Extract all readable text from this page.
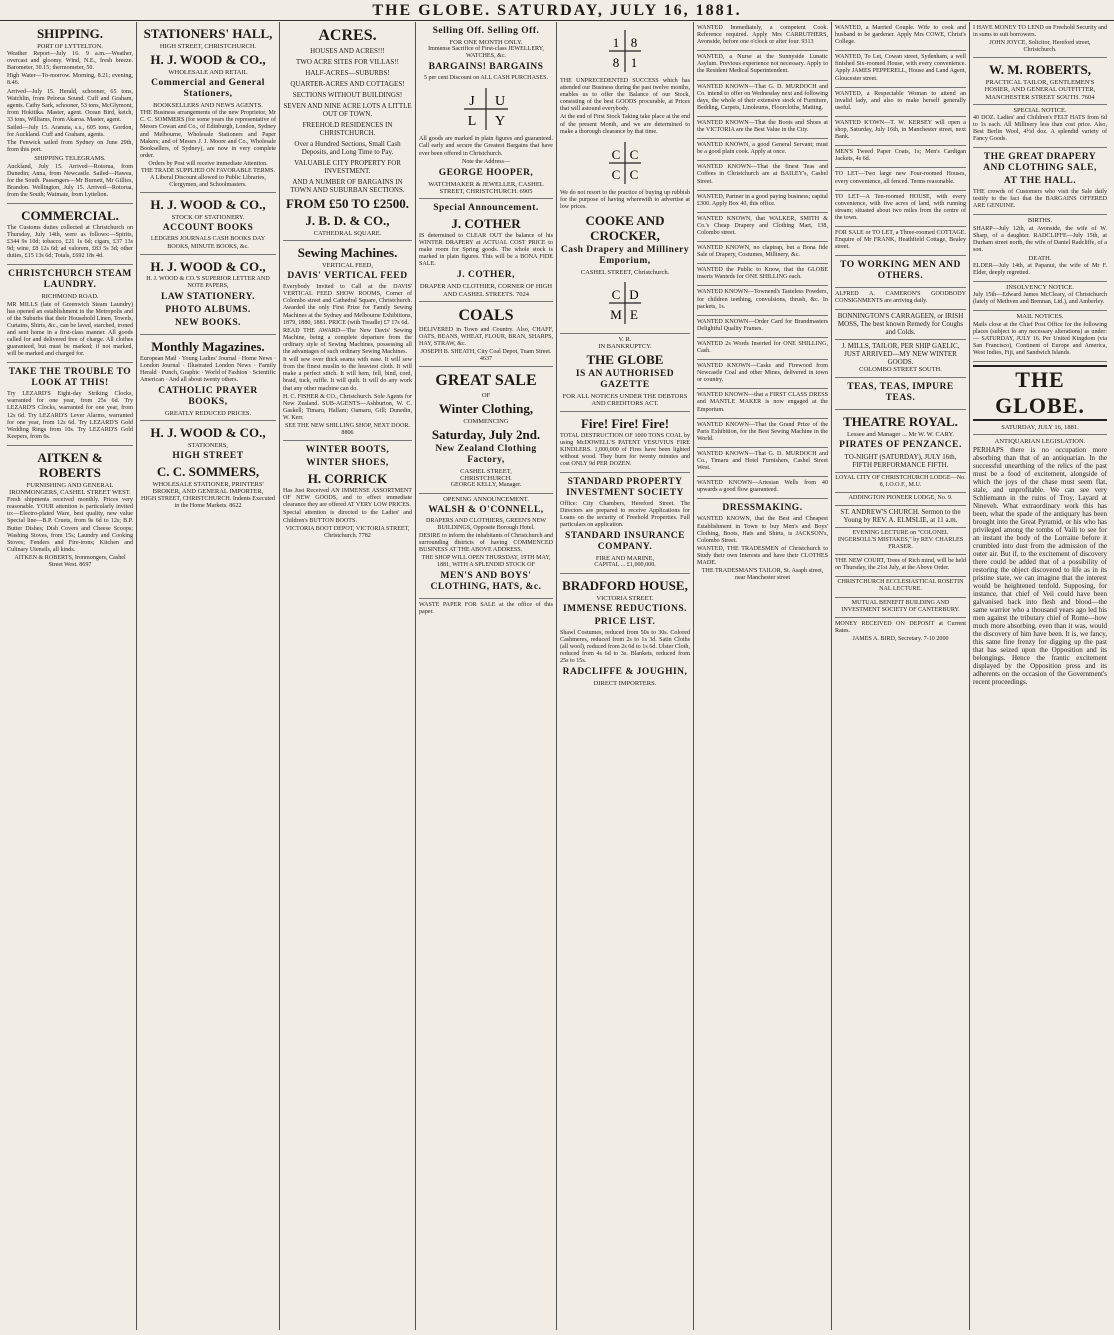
THE GLOBE. SATURDAY, JULY 16, 1881.
SHIPPING.
PORT OF LYTTELTON.
Weather Report—July 16. 9 a.m.—Weather, overcast and gloomy. Wind, N.E., fresh breeze. Barometer, 30.15; thermometer, 50.
High Water—To-morrow. Morning, 8.21; evening, 8.46.
Arrived—July 15. Herald, schooner, 65 tons, Watchlin, from Pelorus Sound. Cuff and Graham, agents. Cathy Sark, schooner, 53 tons, McGlymont, from Hokitika. Master, agent. Ocean Bird, ketch, 33 tons, Williams, from Akaroa. Master, agent.
Sailed—July 15. Aranuia, s.s., 605 tons, Gordon, for Auckland. Cuff and Graham, agents.
The Fenwick sailed from Sydney on June 29th, from this port.
SHIPPING TELEGRAMS.
Auckland, July 15. Arrived—Rotorua, from Dunedin; Anna, from Newcastle. Sailed—Hawea, for the South. Passengers—Mr Burnett, Mr Gillies, Brandon. Wellington, July 15. Arrived—Rotorua, from the South; Waimate, from Lyttelton.
COMMERCIAL.
The Customs duties collected at Christchurch on Thursday, July 14th, were as follows:—Spirits, £344 9s 10d; tobacco, £21 1s 6d; cigars, £37 13s 9d; wine, £8 12s 6d; ad valorem, £83 5s 3d; other duties, £15 13s 6d; Totals, £692 18s 4d.
CHRISTCHURCH STEAM LAUNDRY.
RICHMOND ROAD.
MR MILLS (late of Greenwich Steam Laundry) has opened an establishment in the Metropolis and of the Suburbs that their Household Linen, Towels, Curtains, Shirts, &c., can be laved, starched, ironed and sent home in a first-class manner. All goods called for and delivered free of charge. All clothes guaranteed, but must be marked; if not marked, will be marked and charged for.
TAKE THE TROUBLE TO LOOK AT THIS!
Try LEZARD'S Eight-day Striking Clocks, warranted for one year, from 25s 6d. Try LEZARD'S Clocks, warranted for one year, from 12s 6d. Try LEZARD'S Lever Alarms, warranted for one year, from 12s 6d. Try LEZARD'S Gold Wedding Rings from 10s. Try LEZARD'S Gold Keepers, from 6s.
AITKEN & ROBERTS
FURNISHING AND GENERAL IRONMONGERS, CASHEL STREET WEST.
Fresh shipments received monthly. Prices very reasonable. YOUR attention is particularly invited to:—Electro-plated Ware, best quality, new value Special line—B.P. Cruets, from 9s 6d to 12s; B.P. Butter Dishes; Dish Covers and Cheese Scoops; Washing Stoves, from 15s; Laundry and Cooking Stoves; Fenders and Fire-irons; Kitchen and Culinary Utensils, all kinds.
AITKEN & ROBERTS, Ironmongers, Cashel Street West. 8697
STATIONERS' HALL,
HIGH STREET, CHRISTCHURCH.
H. J. WOOD & CO.,
WHOLESALE AND RETAIL
Commercial and General Stationers,
BOOKSELLERS AND NEWS AGENTS.
THE Business arrangements of the new Proprietor, Mr C. C. SOMMERS (for some years the representative of Messrs Cowan and Co., of Edinburgh, London, Sydney and Melbourne, Wholesale Stationers and Paper Makers; and of Messrs J. J. Moore and Co., Wholesale Booksellers, of Sydney), are now in very complete order.
Orders by Post will receive immediate Attention.
THE TRADE SUPPLIED ON FAVORABLE TERMS.
A Liberal Discount allowed to Public Libraries, Clergymen, and Schoolmasters.
H. J. WOOD & CO.,
STOCK OF STATIONERY.
ACCOUNT BOOKS
LEDGERS JOURNALS CASH BOOKS DAY BOOKS, MINUTE BOOKS, &c.
H. J. WOOD & CO.,
H. J. WOOD & CO.'S SUPERIOR LETTER AND NOTE PAPERS,
LAW STATIONERY.
PHOTO ALBUMS.
NEW BOOKS.
Monthly Magazines.
European Mail · Young Ladies' Journal · Home News · London Journal · Illustrated London News · Family Herald · Punch, Graphic · World of Fashion · Scientific American · And all about twenty others.
CATHOLIC PRAYER BOOKS,
GREATLY REDUCED PRICES.
H. J. WOOD & CO.,
STATIONERS,
HIGH STREET
C. C. SOMMERS,
WHOLESALE STATIONER, PRINTERS' BROKER, AND GENERAL IMPORTER,
HIGH STREET, CHRISTCHURCH. Indents Executed in the Home Markets. 8622
ACRES.
HOUSES AND ACRES!!!
TWO ACRE SITES FOR VILLAS!!
HALF-ACRES—SUBURBS!
QUARTER-ACRES AND COTTAGES!
SECTIONS WITHOUT BUILDINGS!
SEVEN AND NINE ACRE LOTS A LITTLE OUT OF TOWN.
FREEHOLD RESIDENCES IN CHRISTCHURCH.
Over a Hundred Sections, Small Cash Deposits, and Long Time to Pay.
VALUABLE CITY PROPERTY FOR INVESTMENT.
AND A NUMBER OF BARGAINS IN TOWN AND SUBURBAN SECTIONS.
FROM £50 TO £2500.
J. B. D. & CO.,
CATHEDRAL SQUARE.
Sewing Machines.
VERTICAL FEED,
DAVIS' VERTICAL FEED
Everybody Invited to Call at the DAVIS' VERTICAL FEED SHOW ROOMS, Corner of Colombo street and Cathedral Square, Christchurch. Awarded the only First Prize for Family Sewing Machines at the Sydney and Melbourne Exhibitions, 1879, 1880, 1881. PRICE (with Treadle) £7 17s 6d.
READ THE AWARD—The New Davis' Sewing Machine, being a complete departure from the ordinary style of Sewing Machines, possessing all the advantages of such ordinary Sewing Machines.
It will sew over thick seams with ease. It will sew from the finest muslin to the heaviest cloth. It will make a perfect stitch. It will hem, fell, bind, cord, braid, tuck, ruffle. It will quilt. It will do any work that any other machine can do.
H. C. FISHER & CO., Christchurch. Sole Agents for New Zealand. SUB-AGENTS—Ashburton, W. C. Gaskell; Timaru, Hallam; Oamaru, Gill; Dunedin, W. Kerr.
SEE THE NEW SHILLING SHOP, NEXT DOOR. 8806
WINTER BOOTS,
WINTER SHOES,
H. CORRICK
Has Just Received AN IMMENSE ASSORTMENT OF NEW GOODS, and to effect immediate clearance they are offered AT VERY LOW PRICES.
Special attention is directed to the Ladies' and Children's BUTTON BOOTS.
VICTORIA BOOT DEPOT, VICTORIA STREET, Christchurch. 7782
Selling Off. Selling Off.
FOR ONE MONTH ONLY.
Immense Sacrifice of First-class JEWELLERY, WATCHES, &c.
BARGAINS! BARGAINS
5 per cent Discount on ALL CASH PURCHASES.
J U
L Y
All goods are marked in plain figures and guaranteed. Call early and secure the Greatest Bargains that have ever been offered in Christchurch.
Note the Address—
GEORGE HOOPER,
WATCHMAKER & JEWELLER, CASHEL STREET, CHRISTCHURCH. 6905
Special Announcement.
J. COTHER
IS determined to CLEAR OUT the balance of his WINTER DRAPERY at ACTUAL COST PRICE to make room for Spring goods. The whole stock is marked in plain figures. This will be a BONA FIDE SALE.
J. COTHER,
DRAPER AND CLOTHIER, CORNER OF HIGH AND CASHEL STREETS. 7024
COALS
DELIVERED in Town and Country. Also, CHAFF, OATS, BEANS, WHEAT, FLOUR, BRAN, SHARPS, HAY, STRAW, &c.
JOSEPH B. SHEATH, City Coal Depot, Tuam Street. 4637
GREAT SALE
OF
Winter Clothing,
COMMENCING
Saturday, July 2nd.
New Zealand Clothing Factory,
CASHEL STREET,
CHRISTCHURCH.
GEORGE KELLY, Manager.
OPENING ANNOUNCEMENT.
WALSH & O'CONNELL,
DRAPERS AND CLOTHIERS, GREEN'S NEW BUILDINGS, Opposite Borough Hotel.
DESIRE to inform the inhabitants of Christchurch and surrounding districts of having COMMENCED BUSINESS AT THE ABOVE ADDRESS.
THE SHOP WILL OPEN THURSDAY, 19TH MAY, 1881, WITH A SPLENDID STOCK OF
MEN'S AND BOYS' CLOTHING, HATS, &c.
WASTE PAPER FOR SALE at the office of this paper.
1 8
8 1
THE UNPRECEDENTED SUCCESS which has attended our Business during the past twelve months, enables us to offer the Balance of our Stock, consisting of the best GOODS procurable, at Prices that will astound everybody.
At the end of First Stock Taking take place at the end of the present Month, and we are determined to make a thorough clearance by that time.
C C
C C
We do not resort to the practice of buying up rubbish for the purpose of having wherewith to advertise at low prices.
COOKE AND CROCKER,
Cash Drapery and Millinery Emporium,
CASHEL STREET, Christchurch.
C D
M E
V. R.
IN BANKRUPTCY.
THE GLOBE
IS AN AUTHORISED GAZETTE
FOR ALL NOTICES UNDER THE DEBTORS AND CREDITORS ACT.
Fire! Fire! Fire!
TOTAL DESTRUCTION OF 1000 TONS COAL by using McDOWELL'S PATENT VESUVIUS FIRE KINDLERS. 1,000,000 of Fires have been lighted without wood. They burn for twenty minutes and cost ONLY 9d PER DOZEN.
STANDARD PROPERTY INVESTMENT SOCIETY
Office: City Chambers, Hereford Street. The Directors are prepared to receive Applications for Loans on the security of Freehold Properties. Full particulars on application.
STANDARD INSURANCE COMPANY.
FIRE AND MARINE,
CAPITAL ... £1,000,000.
BRADFORD HOUSE,
VICTORIA STREET.
IMMENSE REDUCTIONS.
PRICE LIST.
Shawl Costumes, reduced from 50s to 30s. Colored Cashmeres, reduced from 2s to 1s 3d. Satin Cloths (all wool), reduced from 2s 6d to 1s 6d. Ulster Cloth, reduced from 4s 6d to 3s. Blankets, reduced from 25s to 15s.
RADCLIFFE & JOUGHIN,
DIRECT IMPORTERS.
WANTED Immediately, a competent Cook. Reference required. Apply Mrs CARRUTHERS, Avonside, before one o'clock or after four. 9313
WANTED, a Nurse at the Sunnyside Lunatic Asylum. Previous experience not necessary. Apply to the Resident Medical Superintendent.
WANTED KNOWN—That G. D. MURDOCH and Co. intend to offer on Wednesday next and following days, the whole of their extensive stock of Furniture, Bedding, Carpets, Linoleums, Floorcloths, Matting.
WANTED KNOWN—That the Boots and Shoes at the VICTORIA are the Best Value in the City.
WANTED KNOWN, a good General Servant; must be a good plain cook. Apply at once.
WANTED KNOWN—That the finest Teas and Coffees in Christchurch are at BAILEY's, Cashel Street.
WANTED, Partner in a good paying business; capital £300. Apply Box 40, this office.
WANTED KNOWN, that WALKER, SMITH & Co.'s Cheap Drapery and Clothing Mart, 138, Colombo street.
WANTED KNOWN, no claptrap, but a Bona fide Sale of Drapery, Costumes, Millinery, &c.
WANTED the Public to Know, that the GLOBE inserts Wanteds for ONE SHILLING each.
WANTED KNOWN—Townend's Tasteless Powders, for children teething, convulsions, thrush, &c. In packets, 1s.
WANTED KNOWN—Order Card for Brandmasters Delightful Quality Frames.
WANTED 2s Words Inserted for ONE SHILLING, Cash.
WANTED KNOWN—Casks and Firewood from Newcastle Coal and other Mines, delivered in town or country.
WANTED KNOWN—that a FIRST CLASS DRESS and MANTLE MAKER is now engaged at the Emporium.
WANTED KNOWN—That the Grand Prize of the Paris Exhibition, for the Best Sewing Machine in the World.
WANTED KNOWN—That G. D. MURDOCH and Co., Timaru and Hotel Furnishers, Cashel Street West.
WANTED KNOWN—Artesian Wells from 40 upwards a good flow guaranteed.
DRESSMAKING.
WANTED KNOWN, that the Best and Cheapest Establishment in Town to buy Men's and Boys' Clothing, Boots, Hats and Shirts, is JACKSON's, Colombo Street.
WANTED, THE TRADESMEN of Christchurch to Study their own Interests and have their CLOTHES MADE.
THE TRADESMAN'S TAILOR, St. Asaph street, near Manchester street
WANTED, a Married Couple. Wife to cook and husband to be gardener. Apply Mrs COWE, Christ's College.
WANTED, To Let, Cowan street, Sydenham, a well finished Six-roomed House, with every convenience. Apply JAMES PEPPERELL, House and Land Agent, Gloucester street.
WANTED, a Respectable Woman to attend an invalid lady, and also to make herself generally useful.
WANTED K'OWN—T. W. KERSEY will open a shop, Saturday, July 16th, in Manchester street, next Bank.
MEN'S Tweed Paper Coats, 1s; Men's Cardigan Jackets, 4s 6d.
TO LET—Two large new Four-roomed Houses, every convenience, all fenced. Terms reasonable.
TO LET—A Ten-roomed HOUSE, with every convenience, with five acres of land, with running stream; situated about two miles from the centre of the town.
FOR SALE or TO LET, a Three-roomed COTTAGE. Enquire of Mr FRANK, Heathfield Cottage, Bealey street.
TO WORKING MEN AND OTHERS.
ALFRED A. CAMERON'S GOODBODY CONSIGNMENTS are arriving daily.
BONNINGTON'S CARRAGEEN, or IRISH MOSS, The best known Remedy for Coughs and Colds.
J. MILLS, TAILOR, PER SHIP GAELIC, JUST ARRIVED—MY NEW WINTER GOODS.
COLOMBO STREET SOUTH.
TEAS, TEAS, IMPURE TEAS.
THEATRE ROYAL.
Lessee and Manager ... Mr W. W. CARY.
PIRATES OF PENZANCE.
TO-NIGHT (SATURDAY), JULY 16th, FIFTH PERFORMANCE FIFTH.
LOYAL CITY OF CHRISTCHURCH LODGE—No. 8, I.O.O.F., M.U.
ADDINGTON PIONEER LODGE, No. 9.
ST. ANDREW'S CHURCH. Sermon to the Young by REV. A. ELMSLIE, at 11 a.m.
EVENING LECTURE on "COLONEL INGERSOLL'S MISTAKES," by REV. CHARLES FRASER.
THE NEW COURT, Trees of Rich mind, will be held on Thursday, the 21st July, at the Above Order.
CHRISTCHURCH ECCLESIASTICAL ROSETIN NAL LECTURE.
MUTUAL BENEFIT BUILDING AND INVESTMENT SOCIETY OF CANTERBURY.
MONEY RECEIVED ON DEPOSIT at Current Rates.
JAMES A. BIRD, Secretary. 7-10 2000
I HAVE MONEY TO LEND on Freehold Security and in sums to suit borrowers.
JOHN JOYCE, Solicitor, Hereford street, Christchurch.
W. M. ROBERTS,
PRACTICAL TAILOR, GENTLEMEN'S HOSIER, AND GENERAL OUTFITTER, MANCHESTER STREET SOUTH. 7604
SPECIAL NOTICE.
40 DOZ. Ladies' and Children's FELT HATS from 6d to 1s each. All Millinery less than cost price. Also, Best Berlin Wool, 4½d doz. A splendid variety of Fancy Goods.
THE GREAT DRAPERY AND CLOTHING SALE,
AT THE HALL.
THE crowds of Customers who visit the Sale daily testify to the fact that the BARGAINS OFFERED ARE GENUINE.
BIRTHS.
SHARP—July 12th, at Avonside, the wife of W. Sharp, of a daughter. RADCLIFFE—July 15th, at Durham street north, the wife of Daniel Radcliffe, of a son.
DEATH.
ELDER—July 14th, at Papanui, the wife of Mr F. Elder, deeply regretted.
INSOLVENCY NOTICE.
July 15th—Edward James McCleary, of Christchurch (lately of Methven and Brennan, Ltd.), and Amberley.
MAIL NOTICES.
Mails close at the Chief Post Office for the following places (subject to any necessary alterations) as under:— SATURDAY, JULY 16. Per United Kingdom (via San Francisco), Continent of Europe and America, West Indies, Fiji, and Sandwich Islands.
THE GLOBE.
SATURDAY, JULY 16, 1881.
ANTIQUARIAN LEGISLATION.
PERHAPS there is no occupation more absorbing than that of an antiquarian. In the successful unearthing of the relics of the past must be a food of excitement, alongside of which the joys of the chase must seem flat, stale, and unprofitable. We can see very Schliemann in the ruins of Troy, Layard at Nineveh. What extraordinary work this has been, what the spade of the antiquary has been brought into the Great Pyramid, or his who has privileged among the tombs of Vaili to see for an instant the body of the Lorraine before it crumbled into dust from the admission of the outer air. But if, to the excitement of discovery there could be added that of a possibility of restoring the object discovered to life as in its pristine state, we can imagine that the interest would be heightened tenfold. Supposing, for instance, that chief of Veii could have been galvanised back into flesh and blood—the same warrior who a thousand years ago led his men against the tributary chief of Rome—how much more absorbing, even than it was, would the discovery of him have been. It is, we fancy, this same fine frenzy for digging up the past that has seized upon the Opposition and its belongings. Hence the frantic excitement displayed by the Opposition press and its adherents on the occasion of the Government's recent proceedings.
